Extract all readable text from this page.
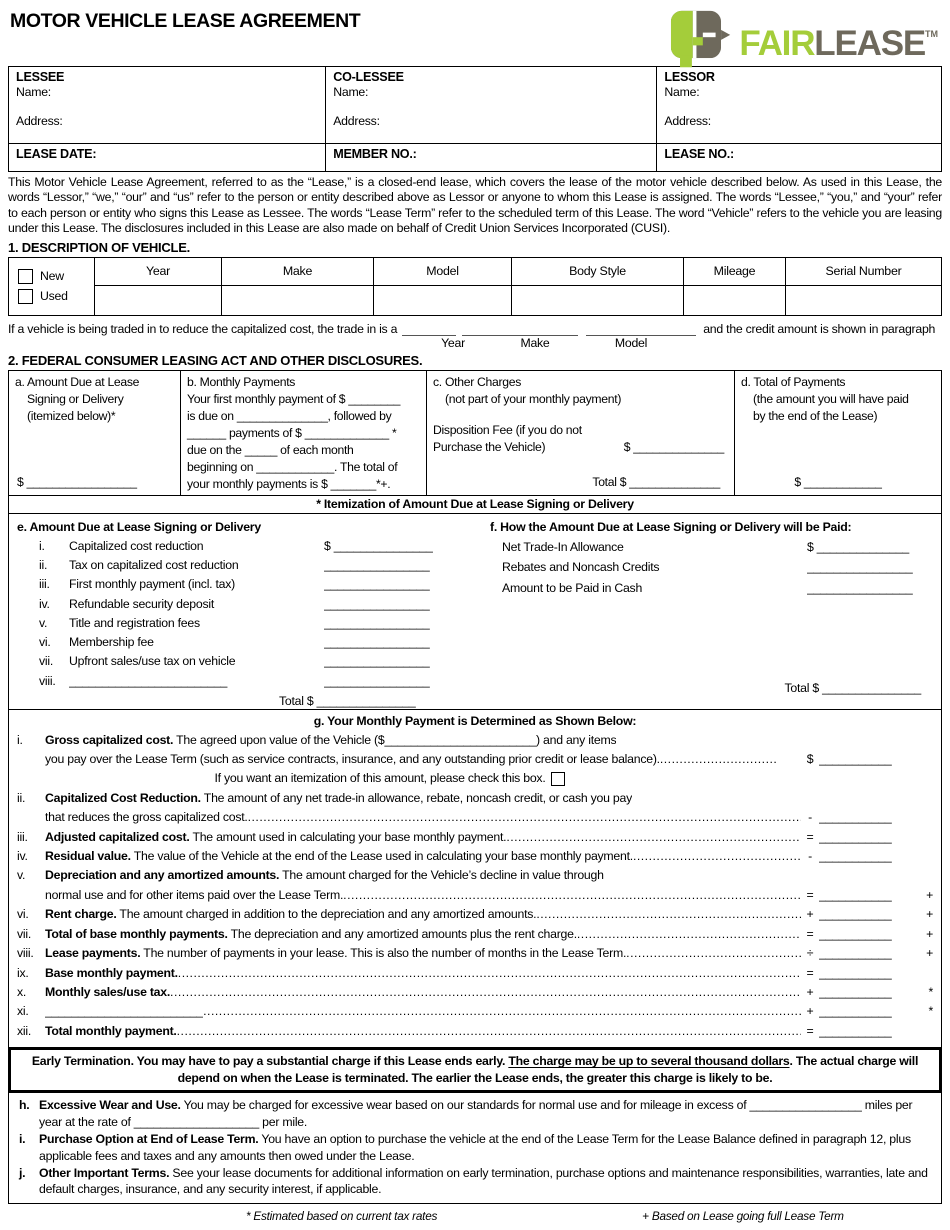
MOTOR VEHICLE LEASE AGREEMENT
FAIRLEASE™
LESSEE
Name:
Address:

CO-LESSEE
Name:
Address:

LESSOR
Name:
Address:

LEASE DATE:	MEMBER NO.:	LEASE NO.:
This Motor Vehicle Lease Agreement, referred to as the “Lease,” is a closed-end lease, which covers the lease of the motor vehicle described below. As used in this Lease, the words “Lessor,” “we,” “our” and “us” refer to the person or entity described above as Lessor or anyone to whom this Lease is assigned. The words “Lessee,” “you,” and “your” refer to each person or entity who signs this Lease as Lessee. The words “Lease Term” refer to the scheduled term of this Lease. The word “Vehicle” refers to the vehicle you are leasing under this Lease. The disclosures included in this Lease are also made on behalf of Credit Union Services Incorporated (CUSI).
1. DESCRIPTION OF VEHICLE.
New
Used	Year	Make	Model	Body Style	Mileage	Serial Number

If a vehicle is being traded in to reduce the capitalized cost, the trade in is a	and the credit amount is shown in paragraph
Year	Make	Model
2. FEDERAL CONSUMER LEASING ACT AND OTHER DISCLOSURES.
a. Amount Due at Lease
Signing or Delivery
(itemized below)*
$ _________________
b. Monthly Payments
Your first monthly payment of $ ________
is due on ______________, followed by
______ payments of $ _____________ *
due on the _____ of each month
beginning on ____________. The total of
your monthly payments is $ _______*+.
c. Other Charges
(not part of your monthly payment)
Disposition Fee (if you do not
Purchase the Vehicle)	$ ______________
Total $ ______________
d. Total of Payments
(the amount you will have paid
by the end of the Lease)
$ ____________
* Itemization of Amount Due at Lease Signing or Delivery
e. Amount Due at Lease Signing or Delivery
i.	Capitalized cost reduction	$ _______________
ii.	Tax on capitalized cost reduction	________________
iii.	First monthly payment (incl. tax)	________________
iv.	Refundable security deposit	________________
v.	Title and registration fees	________________
vi.	Membership fee	________________
vii.	Upfront sales/use tax on vehicle	________________
viii.	________________________	________________
Total $ _______________
f. How the Amount Due at Lease Signing or Delivery will be Paid:
Net Trade-In Allowance	$ ______________
Rebates and Noncash Credits	________________
Amount to be Paid in Cash	________________
Total $ _______________
g. Your Monthly Payment is Determined as Shown Below:
i.	Gross capitalized cost. The agreed upon value of the Vehicle ($_______________________) and any items
you pay over the Lease Term (such as service contracts, insurance, and any outstanding prior credit or lease balance). .....	$ ___________
If you want an itemization of this amount, please check this box.
ii.	Capitalized Cost Reduction. The amount of any net trade-in allowance, rebate, noncash credit, or cash you pay
that reduces the gross capitalized cost. .....	- ___________
iii.	Adjusted capitalized cost. The amount used in calculating your base monthly payment. .....	= ___________
iv.	Residual value. The value of the Vehicle at the end of the Lease used in calculating your base monthly payment. .....	- ___________
v.	Depreciation and any amortized amounts. The amount charged for the Vehicle’s decline in value through
normal use and for other items paid over the Lease Term. .....	= ___________	+
vi.	Rent charge. The amount charged in addition to the depreciation and any amortized amounts. .....	+ ___________	+
vii.	Total of base monthly payments. The depreciation and any amortized amounts plus the rent charge. .....	= ___________	+
viii. Lease payments. The number of payments in your lease. This is also the number of months in the Lease Term. .....	÷ ___________	+
ix.	Base monthly payment. .....	= ___________
x.	Monthly sales/use tax. .....	+ ___________	*
xi.	________________________ .....	+ ___________	*
xii.	Total monthly payment. .....	= ___________
Early Termination. You may have to pay a substantial charge if this Lease ends early. The charge may be up to several thousand dollars. The actual charge will depend on when the Lease is terminated. The earlier the Lease ends, the greater this charge is likely to be.
h. Excessive Wear and Use. You may be charged for excessive wear based on our standards for normal use and for mileage in excess of _________________ miles per year at the rate of ___________________ per mile.
i. Purchase Option at End of Lease Term. You have an option to purchase the vehicle at the end of the Lease Term for the Lease Balance defined in paragraph 12, plus applicable fees and taxes and any amounts then owed under the Lease.
j. Other Important Terms. See your lease documents for additional information on early termination, purchase options and maintenance responsibilities, warranties, late and default charges, insurance, and any security interest, if applicable.
* Estimated based on current tax rates	+ Based on Lease going full Lease Term
